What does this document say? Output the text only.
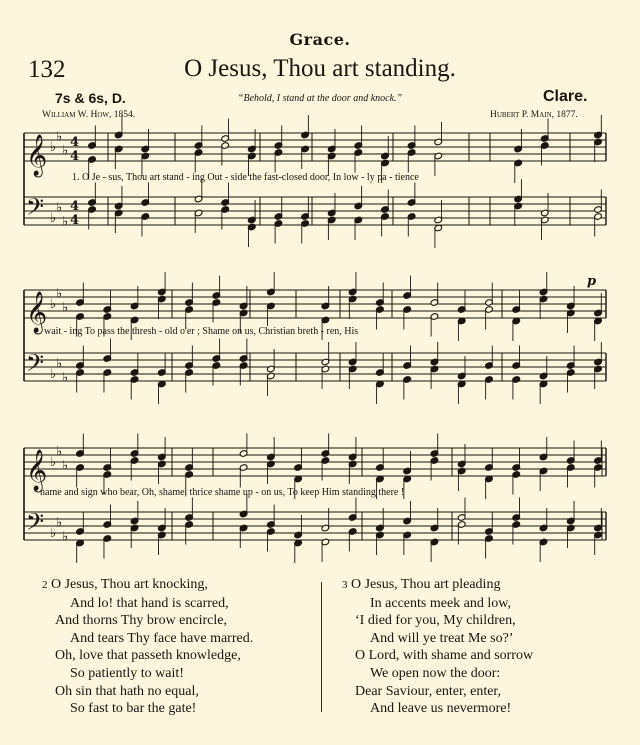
Grace.
132	O Jesus, Thou art standing.
7s & 6s, D.	“Behold, I stand at the door and knock.”	Clare.
William W. How, 1854.	Hubert P. Main, 1877.
𝄞 ♭
♭
♭
4
4
𝄢 ♭
♭
♭
4
4
𝄞 ♭
♭
♭
𝄢 ♭
♭
♭
𝄞 ♭
♭
♭
𝄢 ♭
♭
♭
p
1. O Je - sus, Thou art stand - ing Out - side the fast-closed door, In low - ly pa - tience
wait - ing To pass the thresh - old o'er ; Shame on us, Christian breth - ren, His
name and sign who bear, Oh, shame, thrice shame up - on us, To keep Him standing there !
2 O Jesus, Thou art knocking,
And lo! that hand is scarred,
And thorns Thy brow encircle,
And tears Thy face have marred.
Oh, love that passeth knowledge,
So patiently to wait!
Oh sin that hath no equal,
So fast to bar the gate!
3 O Jesus, Thou art pleading
In accents meek and low,
‘I died for you, My children,
And will ye treat Me so?’
O Lord, with shame and sorrow
We open now the door:
Dear Saviour, enter, enter,
And leave us nevermore!
